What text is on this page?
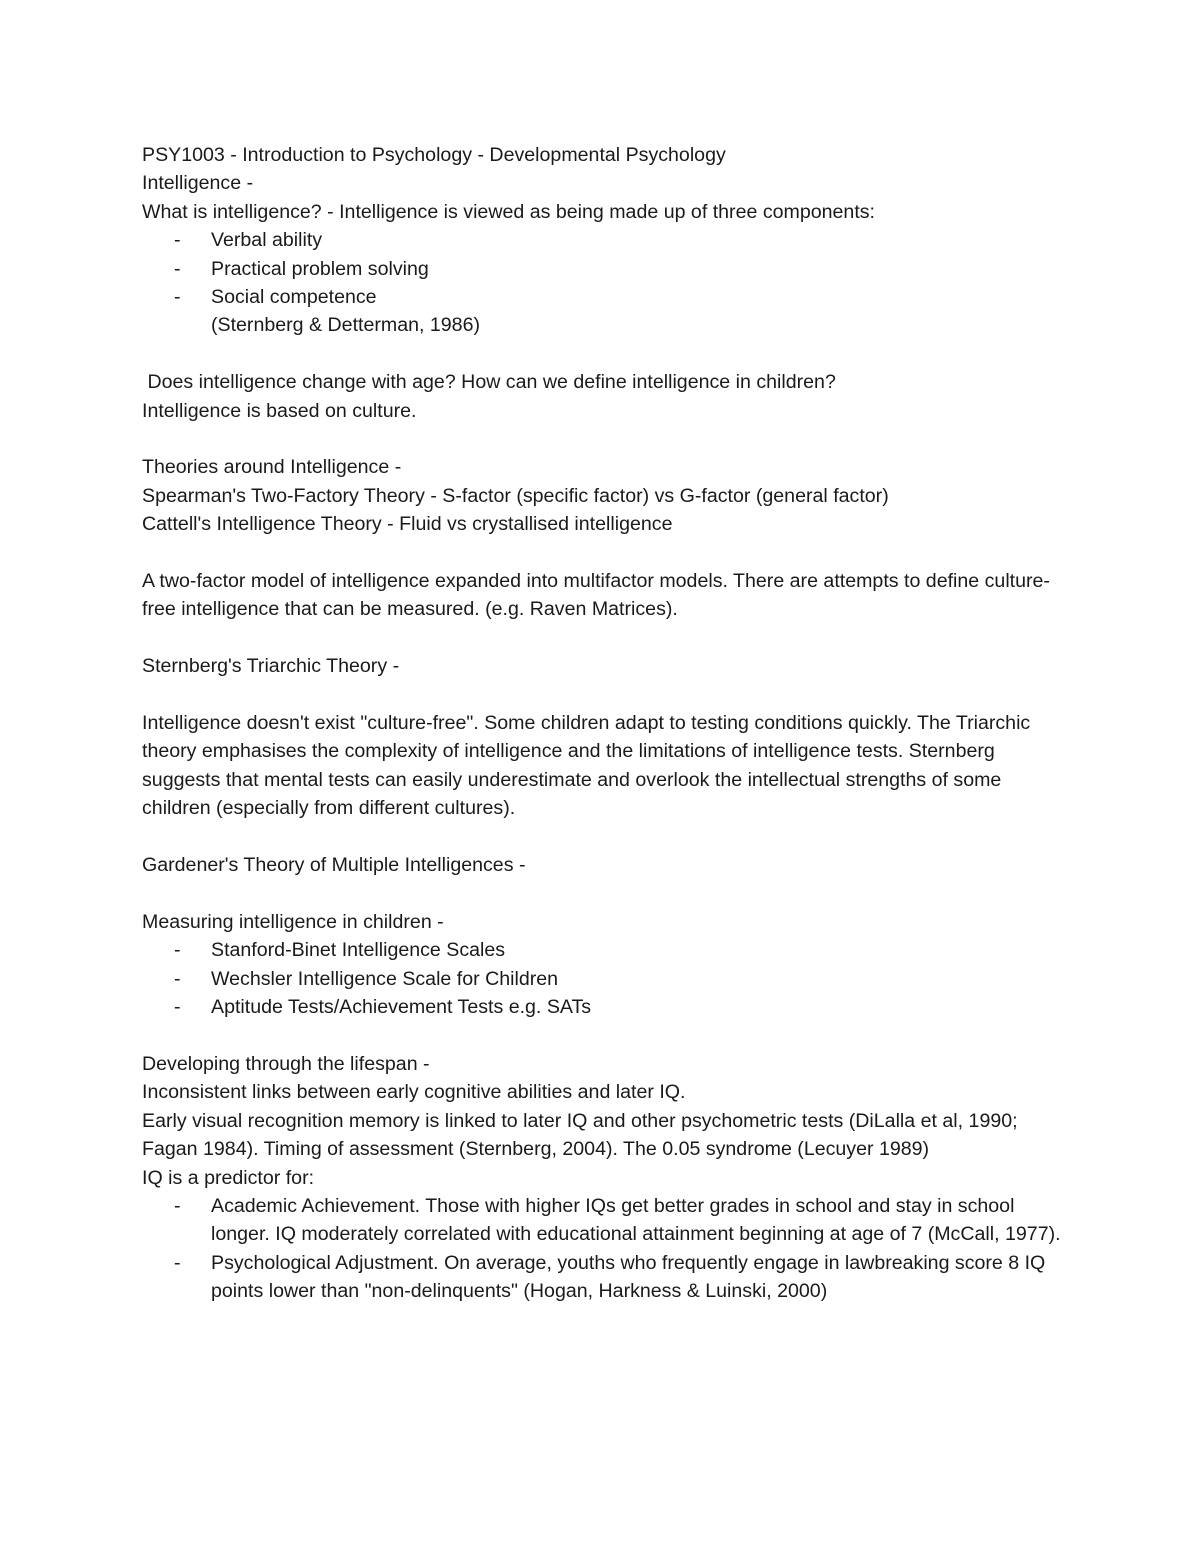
PSY1003 - Introduction to Psychology - Developmental Psychology

Intelligence -

What is intelligence? - Intelligence is viewed as being made up of three components:

- Verbal ability
- Practical problem solving
- Social competence

(Sternberg & Detterman, 1986)

Does intelligence change with age? How can we define intelligence in children?

Intelligence is based on culture.

Theories around Intelligence -

Spearman's Two-Factory Theory - S-factor (specific factor) vs G-factor (general factor)

Cattell's Intelligence Theory - Fluid vs crystallised intelligence

A two-factor model of intelligence expanded into multifactor models. There are attempts to define culture-free intelligence that can be measured. (e.g. Raven Matrices).

Sternberg's Triarchic Theory -

Intelligence doesn't exist "culture-free". Some children adapt to testing conditions quickly. The Triarchic theory emphasises the complexity of intelligence and the limitations of intelligence tests. Sternberg suggests that mental tests can easily underestimate and overlook the intellectual strengths of some children (especially from different cultures).

Gardener's Theory of Multiple Intelligences -

Measuring intelligence in children -

- Stanford-Binet Intelligence Scales
- Wechsler Intelligence Scale for Children
- Aptitude Tests/Achievement Tests e.g. SATs

Developing through the lifespan -

Inconsistent links between early cognitive abilities and later IQ.

Early visual recognition memory is linked to later IQ and other psychometric tests (DiLalla et al, 1990; Fagan 1984). Timing of assessment (Sternberg, 2004). The 0.05 syndrome (Lecuyer 1989)

IQ is a predictor for:

- Academic Achievement. Those with higher IQs get better grades in school and stay in school longer. IQ moderately correlated with educational attainment beginning at age of 7 (McCall, 1977).
- Psychological Adjustment. On average, youths who frequently engage in lawbreaking score 8 IQ points lower than "non-delinquents" (Hogan, Harkness & Luinski, 2000)
